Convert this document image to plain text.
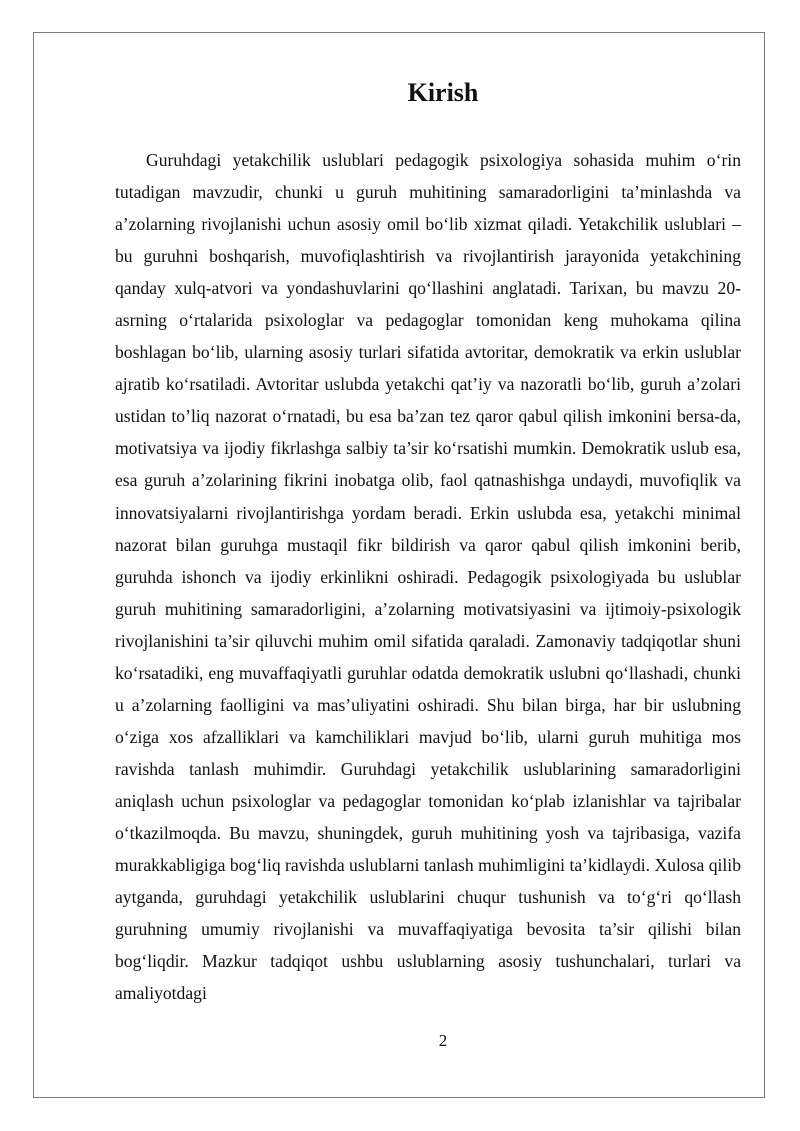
Kirish

Guruhdagi yetakchilik uslublari pedagogik psixologiya sohasida muhim o‘rin tutadigan mavzudir, chunki u guruh muhitining samaradorligini ta’minlashda va a’zolarning rivojlanishi uchun asosiy omil bo‘lib xizmat qiladi. Yetakchilik uslublari – bu guruhni boshqarish, muvofiqlashtirish va rivojlantirish jarayonida yetakchining qanday xulq-atvori va yondashuvlarini qo‘llashini anglatadi. Tarixan, bu mavzu 20-asrning o‘rtalarida psixologlar va pedagoglar tomonidan keng muhokama qilina boshlagan bo‘lib, ularning asosiy turlari sifatida avtoritar, demokratik va erkin uslublar ajratib ko‘rsatiladi. Avtoritar uslubda yetakchi qat’iy va nazoratli bo‘lib, guruh a’zolari ustidan to’liq nazorat o‘rnatadi, bu esa ba’zan tez qaror qabul qilish imkonini bersa-da, motivatsiya va ijodiy fikrlashga salbiy ta’sir ko‘rsatishi mumkin. Demokratik uslub esa, esa guruh a’zolarining fikrini inobatga olib, faol qatnashishga undaydi, muvofiqlik va innovatsiyalarni rivojlantirishga yordam beradi. Erkin uslubda esa, yetakchi minimal nazorat bilan guruhga mustaqil fikr bildirish va qaror qabul qilish imkonini berib, guruhda ishonch va ijodiy erkinlikni oshiradi. Pedagogik psixologiyada bu uslublar guruh muhitining samaradorligini, a’zolarning motivatsiyasini va ijtimoiy-psixologik rivojlanishini ta’sir qiluvchi muhim omil sifatida qaraladi. Zamonaviy tadqiqotlar shuni ko‘rsatadiki, eng muvaffaqiyatli guruhlar odatda demokratik uslubni qo‘llashadi, chunki u a’zolarning faolligini va mas’uliyatini oshiradi. Shu bilan birga, har bir uslubning o‘ziga xos afzalliklari va kamchiliklari mavjud bo‘lib, ularni guruh muhitiga mos ravishda tanlash muhimdir. Guruhdagi yetakchilik uslublarining samaradorligini aniqlash uchun psixologlar va pedagoglar tomonidan ko‘plab izlanishlar va tajribalar o‘tkazilmoqda. Bu mavzu, shuningdek, guruh muhitining yosh va tajribasiga, vazifa murakkabligiga bog‘liq ravishda uslublarni tanlash muhimligini ta’kidlaydi. Xulosa qilib aytganda, guruhdagi yetakchilik uslublarini chuqur tushunish va to‘g‘ri qo‘llash guruhning umumiy rivojlanishi va muvaffaqiyatiga bevosita ta’sir qilishi bilan bog‘liqdir. Mazkur tadqiqot ushbu uslublarning asosiy tushunchalari, turlari va amaliyotdagi

2
